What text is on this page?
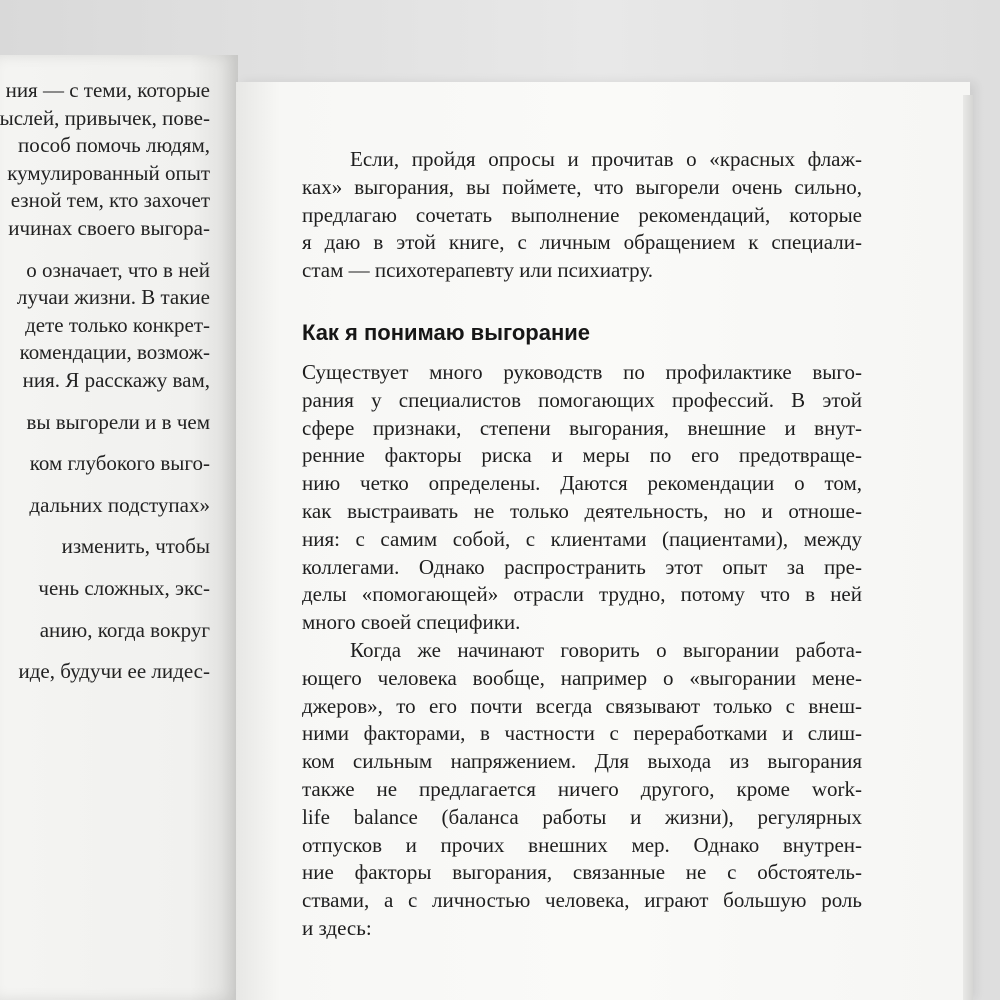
ния — с теми, которые
ыслей, привычек, пове-
пособ помочь людям,
кумулированный опыт
езной тем, кто захочет
ичинах своего выгора-
о означает, что в ней
лучаи жизни. В такие
дете только конкрет-
комендации, возмож-
ния. Я расскажу вам,
вы выгорели и в чем
ком глубокого выго-
дальних подступах»
изменить, чтобы
чень сложных, экс-
анию, когда вокруг
иде, будучи ее лидес-
Если, пройдя опросы и прочитав о «красных флаж-
ках» выгорания, вы поймете, что выгорели очень сильно,
предлагаю сочетать выполнение рекомендаций, которые
я даю в этой книге, с личным обращением к специали-
стам — психотерапевту или психиатру.
Как я понимаю выгорание
Существует много руководств по профилактике выго-
рания у специалистов помогающих профессий. В этой
сфере признаки, степени выгорания, внешние и внут-
ренние факторы риска и меры по его предотвраще-
нию четко определены. Даются рекомендации о том,
как выстраивать не только деятельность, но и отноше-
ния: с самим собой, с клиентами (пациентами), между
коллегами. Однако распространить этот опыт за пре-
делы «помогающей» отрасли трудно, потому что в ней
много своей специфики.
Когда же начинают говорить о выгорании работа-
ющего человека вообще, например о «выгорании мене-
джеров», то его почти всегда связывают только с внеш-
ними факторами, в частности с переработками и слиш-
ком сильным напряжением. Для выхода из выгорания
также не предлагается ничего другого, кроме work-
life balance (баланса работы и жизни), регулярных
отпусков и прочих внешних мер. Однако внутрен-
ние факторы выгорания, связанные не с обстоятель-
ствами, а с личностью человека, играют большую роль
и здесь:
